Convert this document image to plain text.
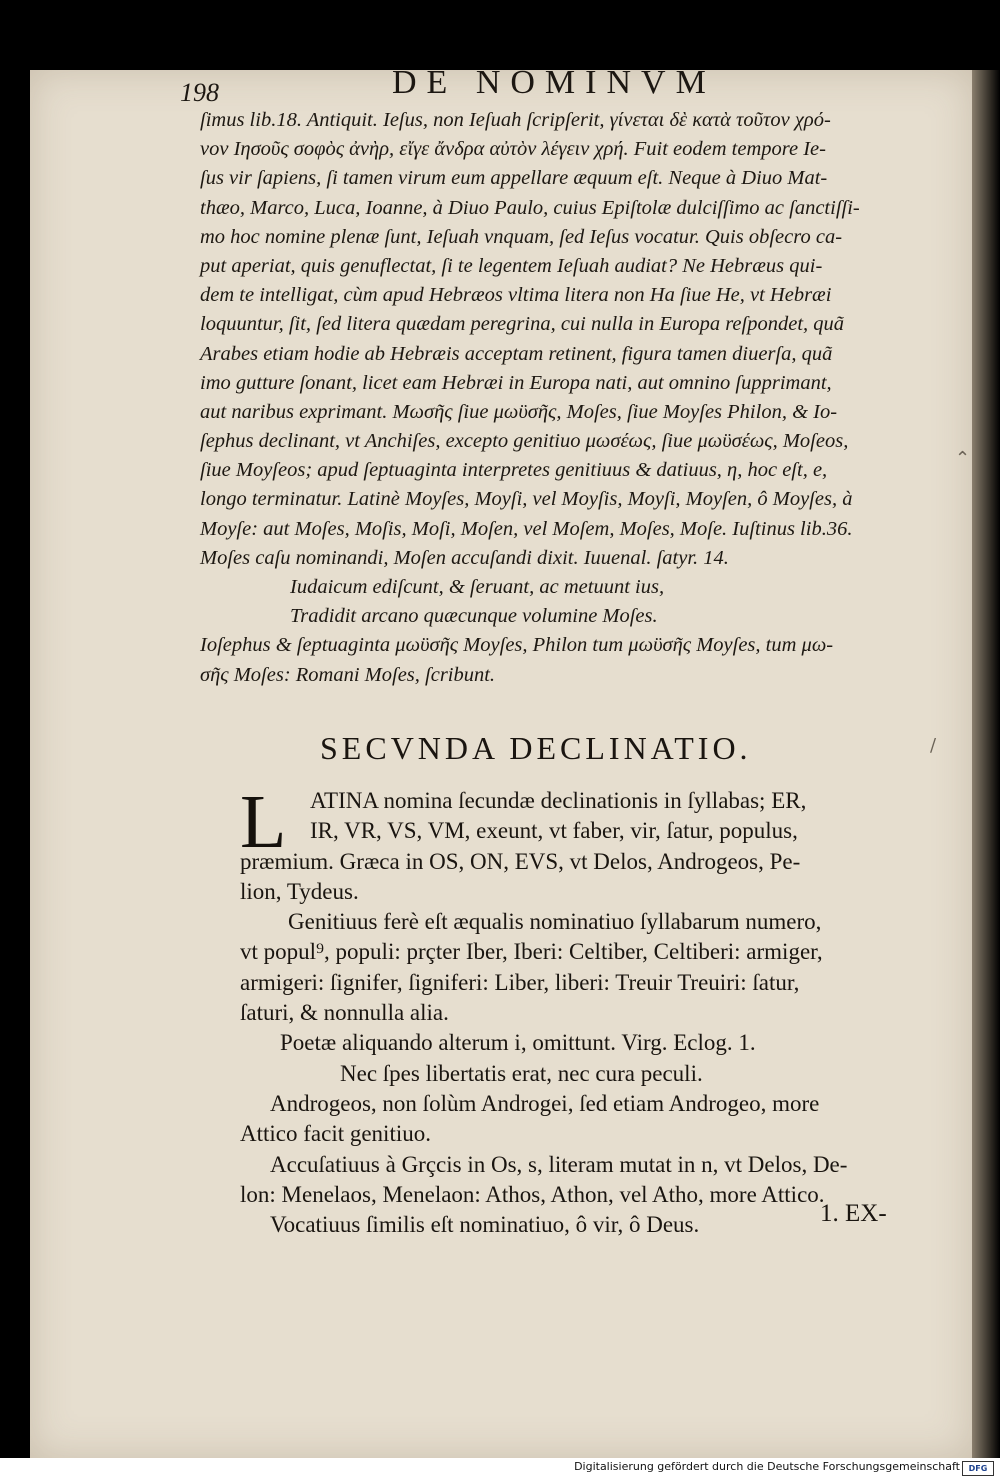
198	DE NOMINVM
ſimus lib.18. Antiquit. Ieſus, non Ieſuah ſcripſerit, γίνεται δὲ κατὰ τοῦτον χρό-
νον Ιησοῦς σοφὸς ἀνὴρ, εἴγε ἄνδρα αὐτὸν λέγειν χρή. Fuit eodem tempore Ie-
ſus vir ſapiens, ſi tamen virum eum appellare æquum eſt. Neque à Diuo Mat-
thæo, Marco, Luca, Ioanne, à Diuo Paulo, cuius Epiſtolæ dulciſſimo ac ſanctiſſi-
mo hoc nomine plenæ ſunt, Ieſuah vnquam, ſed Ieſus vocatur. Quis obſecro ca-
put aperiat, quis genuflectat, ſi te legentem Ieſuah audiat? Ne Hebræus qui-
dem te intelligat, cùm apud Hebræos vltima litera non Ha ſiue He, vt Hebræi
loquuntur, ſit, ſed litera quædam peregrina, cui nulla in Europa reſpondet, quã
Arabes etiam hodie ab Hebræis acceptam retinent, figura tamen diuerſa, quã
imo gutture ſonant, licet eam Hebræi in Europa nati, aut omnino ſupprimant,
aut naribus exprimant. Μωσῆς ſiue μωϋσῆς, Moſes, ſiue Moyſes Philon, & Io-
ſephus declinant, vt Anchiſes, excepto genitiuo μωσέως, ſiue μωϋσέως, Moſeos,
ſiue Moyſeos; apud ſeptuaginta interpretes genitiuus & datiuus, η, hoc eſt, e,
longo terminatur. Latinè Moyſes, Moyſi, vel Moyſis, Moyſi, Moyſen, ô Moyſes, à
Moyſe: aut Moſes, Moſis, Moſi, Moſen, vel Moſem, Moſes, Moſe. Iuſtinus lib.36.
Moſes caſu nominandi, Moſen accuſandi dixit. Iuuenal. ſatyr. 14.
Iudaicum ediſcunt, & ſeruant, ac metuunt ius,
Tradidit arcano quæcunque volumine Moſes.
Ioſephus & ſeptuaginta μωϋσῆς Moyſes, Philon tum μωϋσῆς Moyſes, tum μω-
σῆς Moſes: Romani Moſes, ſcribunt.
SECVNDA DECLINATIO.
L	ATINA nomina ſecundæ declinationis in ſyllabas; ER,
IR, VR, VS, VM, exeunt, vt faber, vir, ſatur, populus,
præmium. Græca in OS, ON, EVS, vt Delos, Androgeos, Pe-
lion, Tydeus.
Genitiuus ferè eſt æqualis nominatiuo ſyllabarum numero,
vt popul⁹, populi: prçter Iber, Iberi: Celtiber, Celtiberi: armiger,
armigeri: ſignifer, ſigniferi: Liber, liberi: Treuir Treuiri: ſatur,
ſaturi, & nonnulla alia.
Poetæ aliquando alterum i, omittunt. Virg. Eclog. 1.
Nec ſpes libertatis erat, nec cura peculi.
Androgeos, non ſolùm Androgei, ſed etiam Androgeo, more
Attico facit genitiuo.
Accuſatiuus à Grçcis in Os, s, literam mutat in n, vt Delos, De-
lon: Menelaos, Menelaon: Athos, Athon, vel Atho, more Attico.
Vocatiuus ſimilis eſt nominatiuo, ô vir, ô Deus.	1. EX-
⌃
/
Digitalisierung gefördert durch die Deutsche Forschungsgemeinschaft	DFG
